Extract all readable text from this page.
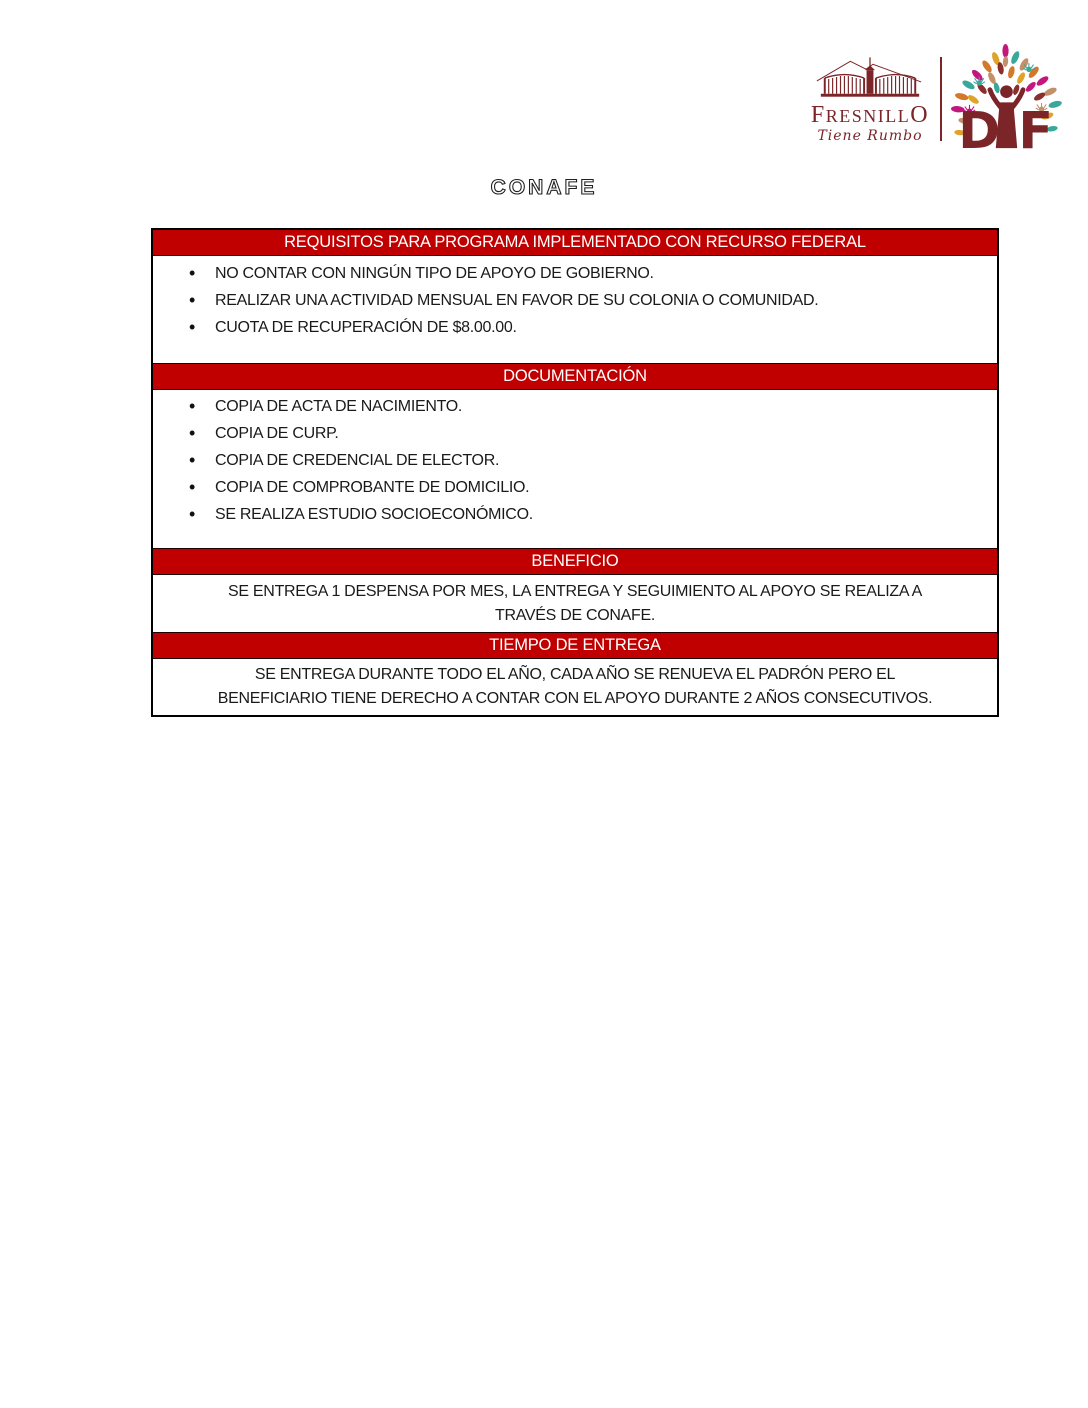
FRESNILLO
Tiene Rumbo D F
CONAFE
REQUISITOS PARA PROGRAMA IMPLEMENTADO CON RECURSO FEDERAL
• NO CONTAR CON NINGÚN TIPO DE APOYO DE GOBIERNO.
• REALIZAR UNA ACTIVIDAD MENSUAL EN FAVOR DE SU COLONIA O COMUNIDAD.
• CUOTA DE RECUPERACIÓN DE $8.00.00.
DOCUMENTACIÓN
• COPIA DE ACTA DE NACIMIENTO.
• COPIA DE CURP.
• COPIA DE CREDENCIAL DE ELECTOR.
• COPIA DE COMPROBANTE DE DOMICILIO.
• SE REALIZA ESTUDIO SOCIOECONÓMICO.
BENEFICIO
SE ENTREGA 1 DESPENSA POR MES, LA ENTREGA Y SEGUIMIENTO AL APOYO SE REALIZA A
TRAVÉS DE CONAFE.
TIEMPO DE ENTREGA
SE ENTREGA DURANTE TODO EL AÑO, CADA AÑO SE RENUEVA EL PADRÓN PERO EL
BENEFICIARIO TIENE DERECHO A CONTAR CON EL APOYO DURANTE 2 AÑOS CONSECUTIVOS.
